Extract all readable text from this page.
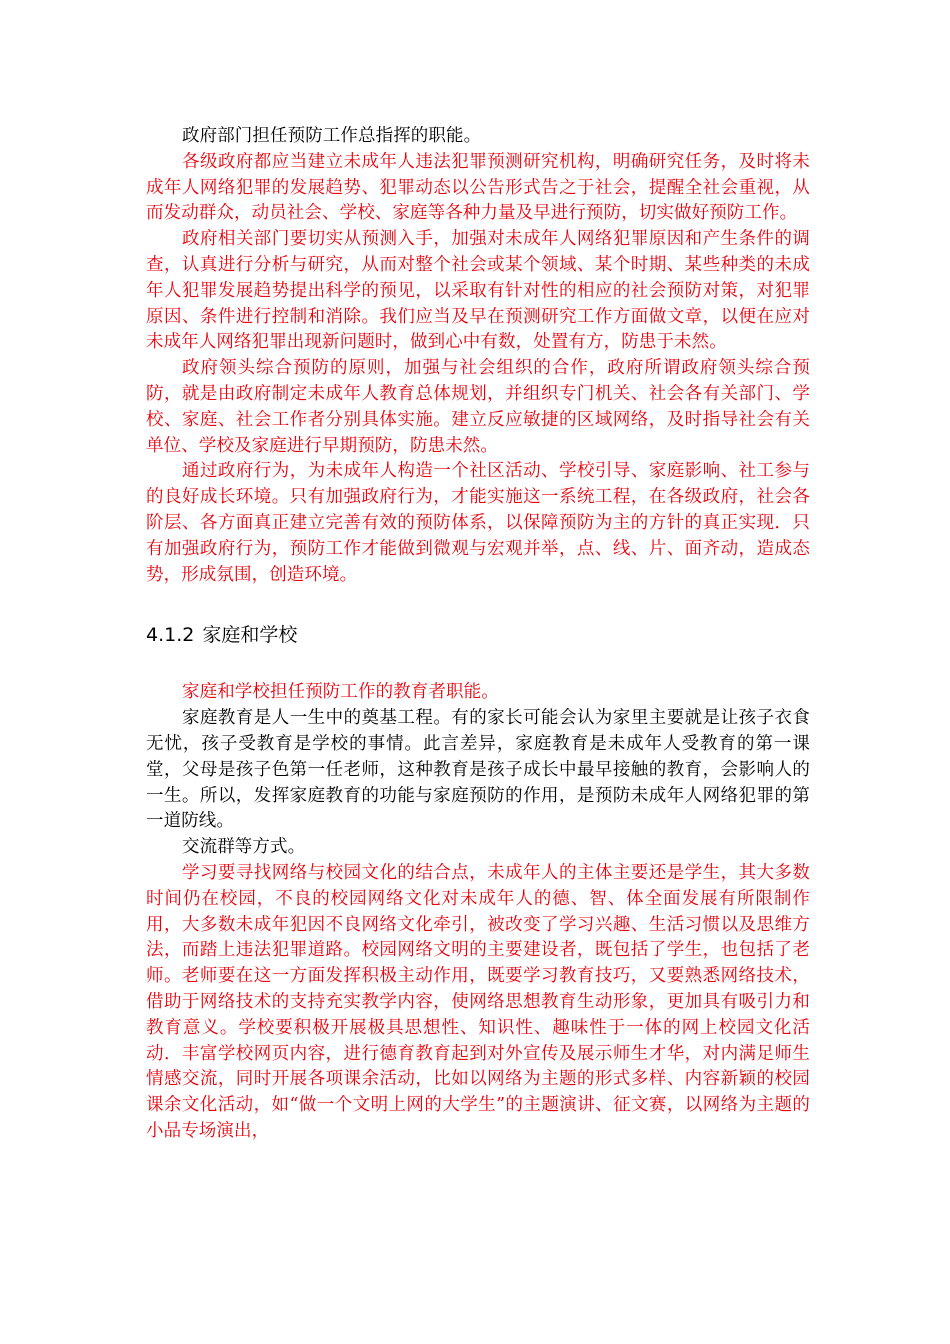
政府部门担任预防工作总指挥的职能。

各级政府都应当建立未成年人违法犯罪预测研究机构，明确研究任务，及时将未成年人网络犯罪的发展趋势、犯罪动态以公告形式告之于社会，提醒全社会重视，从而发动群众，动员社会、学校、家庭等各种力量及早进行预防，切实做好预防工作。

政府相关部门要切实从预测入手，加强对未成年人网络犯罪原因和产生条件的调查，认真进行分析与研究，从而对整个社会或某个领域、某个时期、某些种类的未成年人犯罪发展趋势提出科学的预见，以采取有针对性的相应的社会预防对策，对犯罪原因、条件进行控制和消除。我们应当及早在预测研究工作方面做文章，以便在应对未成年人网络犯罪出现新问题时，做到心中有数，处置有方，防患于未然。

政府领头综合预防的原则，加强与社会组织的合作，政府所谓政府领头综合预防，就是由政府制定未成年人教育总体规划，并组织专门机关、社会各有关部门、学校、家庭、社会工作者分别具体实施。建立反应敏捷的区域网络，及时指导社会有关单位、学校及家庭进行早期预防，防患未然。

通过政府行为，为未成年人构造一个社区活动、学校引导、家庭影响、社工参与的良好成长环境。只有加强政府行为，才能实施这一系统工程，在各级政府，社会各阶层、各方面真正建立完善有效的预防体系，以保障预防为主的方针的真正实现．只有加强政府行为，预防工作才能做到微观与宏观并举，点、线、片、面齐动，造成态势，形成氛围，创造环境。

4.1.2 家庭和学校

家庭和学校担任预防工作的教育者职能。

家庭教育是人一生中的奠基工程。有的家长可能会认为家里主要就是让孩子衣食无忧，孩子受教育是学校的事情。此言差异，家庭教育是未成年人受教育的第一课堂，父母是孩子色第一任老师，这种教育是孩子成长中最早接触的教育，会影响人的一生。所以，发挥家庭教育的功能与家庭预防的作用，是预防未成年人网络犯罪的第一道防线。

交流群等方式。

学习要寻找网络与校园文化的结合点，未成年人的主体主要还是学生，其大多数时间仍在校园，不良的校园网络文化对未成年人的德、智、体全面发展有所限制作用，大多数未成年犯因不良网络文化牵引，被改变了学习兴趣、生活习惯以及思维方法，而踏上违法犯罪道路。校园网络文明的主要建设者，既包括了学生，也包括了老师。老师要在这一方面发挥积极主动作用，既要学习教育技巧，又要熟悉网络技术，借助于网络技术的支持充实教学内容，使网络思想教育生动形象，更加具有吸引力和教育意义。学校要积极开展极具思想性、知识性、趣味性于一体的网上校园文化活动．丰富学校网页内容，进行德育教育起到对外宣传及展示师生才华，对内满足师生情感交流，同时开展各项课余活动，比如以网络为主题的形式多样、内容新颖的校园课余文化活动，如“做一个文明上网的大学生”的主题演讲、征文赛，以网络为主题的小品专场演出，
